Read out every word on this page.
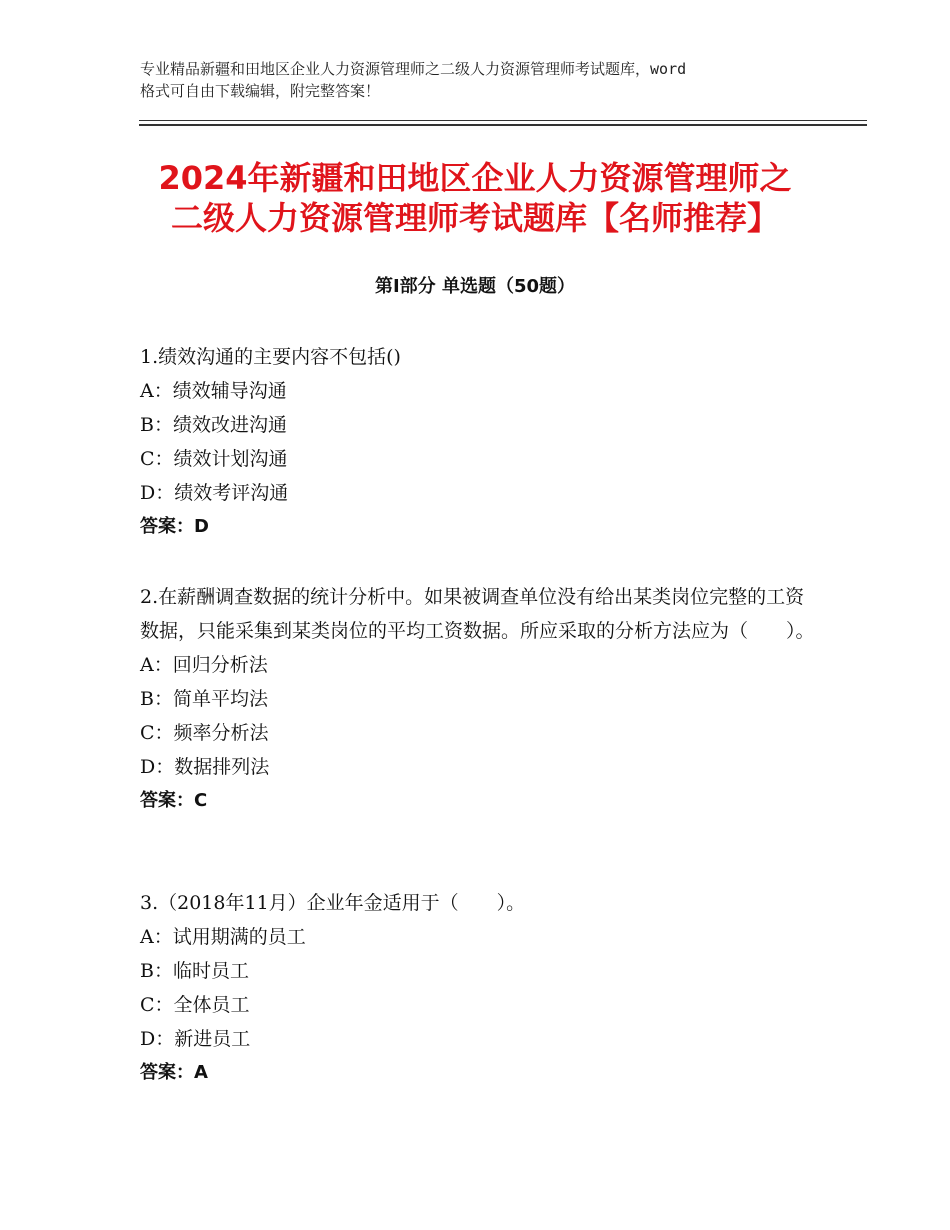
专业精品新疆和田地区企业人力资源管理师之二级人力资源管理师考试题库，word
格式可自由下载编辑，附完整答案！
2024年新疆和田地区企业人力资源管理师之
二级人力资源管理师考试题库【名师推荐】
第Ⅰ部分 单选题（50题）
1.绩效沟通的主要内容不包括()
A：绩效辅导沟通
B：绩效改进沟通
C：绩效计划沟通
D：绩效考评沟通
答案：D
2.在薪酬调查数据的统计分析中。如果被调查单位没有给出某类岗位完整的工资数据，只能采集到某类岗位的平均工资数据。所应采取的分析方法应为（　　）。
A：回归分析法
B：简单平均法
C：频率分析法
D：数据排列法
答案：C
3.（2018年11月）企业年金适用于（　　）。
A：试用期满的员工
B：临时员工
C：全体员工
D：新进员工
答案：A
